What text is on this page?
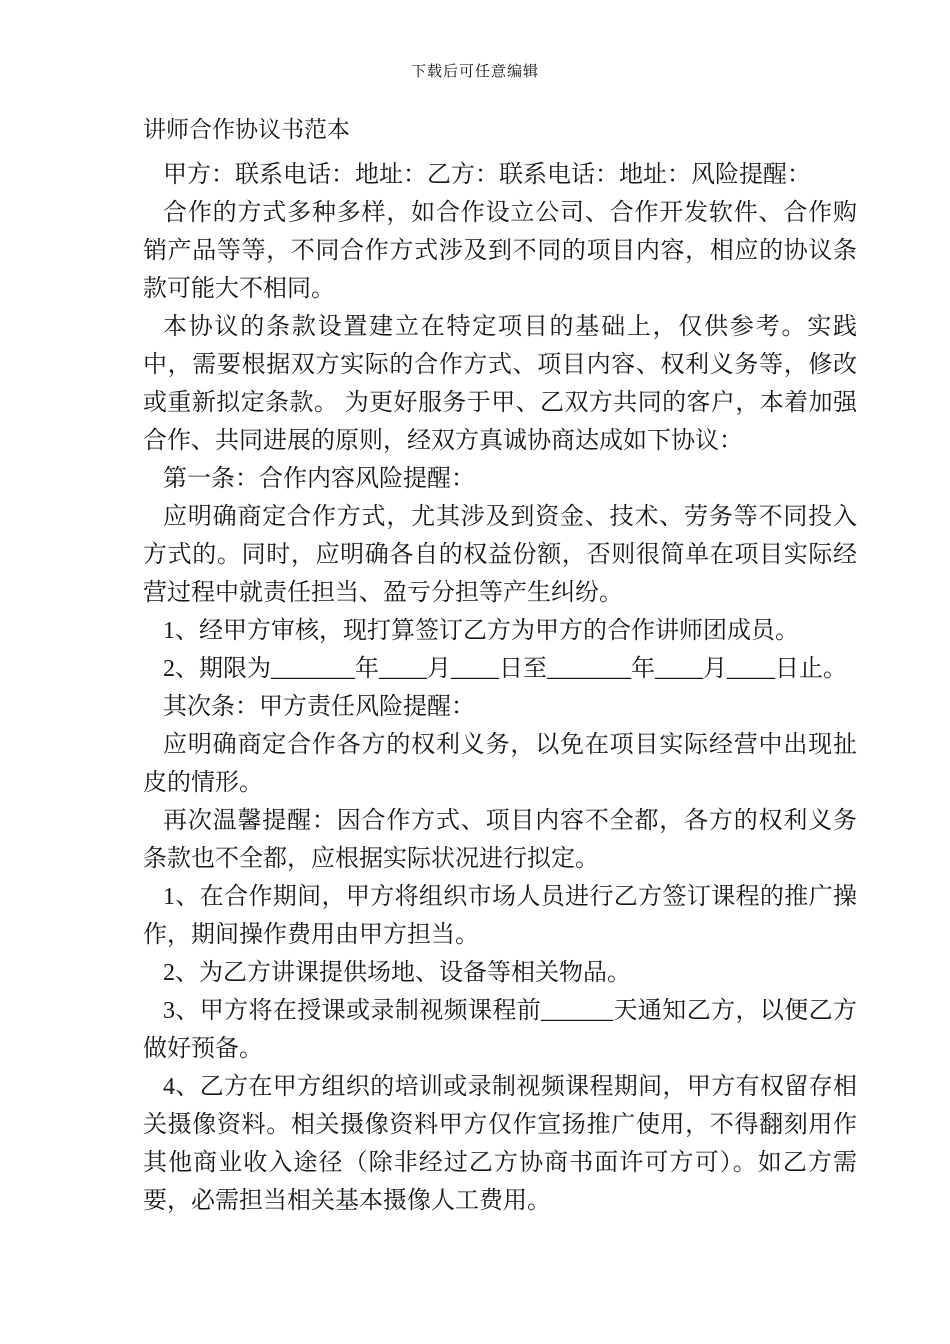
下载后可任意编辑
讲师合作协议书范本

甲方：联系电话：地址：乙方：联系电话：地址：风险提醒：

合作的方式多种多样，如合作设立公司、合作开发软件、合作购销产品等等，不同合作方式涉及到不同的项目内容，相应的协议条款可能大不相同。

本协议的条款设置建立在特定项目的基础上，仅供参考。实践中，需要根据双方实际的合作方式、项目内容、权利义务等，修改或重新拟定条款。 为更好服务于甲、乙双方共同的客户，本着加强合作、共同进展的原则，经双方真诚协商达成如下协议：

第一条：合作内容风险提醒：

应明确商定合作方式，尤其涉及到资金、技术、劳务等不同投入方式的。同时，应明确各自的权益份额，否则很简单在项目实际经营过程中就责任担当、盈亏分担等产生纠纷。

1、经甲方审核，现打算签订乙方为甲方的合作讲师团成员。

2、期限为_______年____月____日至_______年____月____日止。

其次条：甲方责任风险提醒：

应明确商定合作各方的权利义务，以免在项目实际经营中出现扯皮的情形。

再次温馨提醒：因合作方式、项目内容不全都，各方的权利义务条款也不全都，应根据实际状况进行拟定。

1、在合作期间，甲方将组织市场人员进行乙方签订课程的推广操作，期间操作费用由甲方担当。

2、为乙方讲课提供场地、设备等相关物品。

3、甲方将在授课或录制视频课程前______天通知乙方，以便乙方做好预备。

4、乙方在甲方组织的培训或录制视频课程期间，甲方有权留存相关摄像资料。相关摄像资料甲方仅作宣扬推广使用，不得翻刻用作其他商业收入途径（除非经过乙方协商书面许可方可）。如乙方需要，必需担当相关基本摄像人工费用。
